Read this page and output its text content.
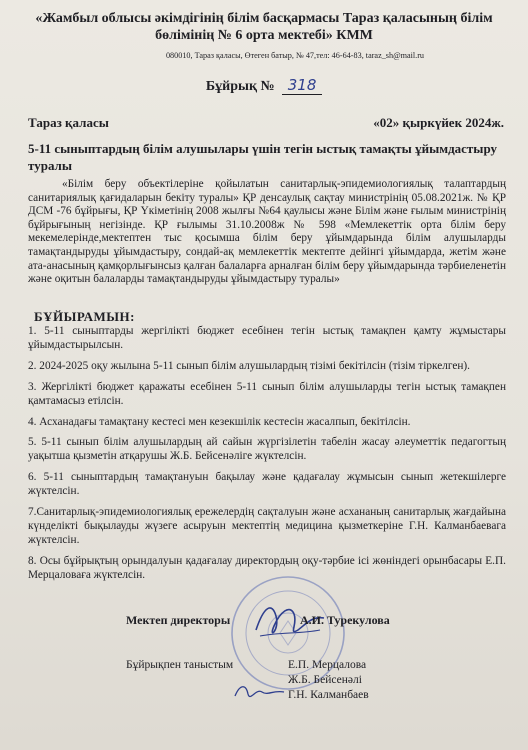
«Жамбыл облысы әкімдігінің білім басқармасы Тараз қаласының білім бөлімінің № 6 орта мектебі» КММ
080010, Тараз қаласы, Өтеген батыр, № 47,тел: 46-64-83, taraz_sh@mail.ru
Бұйрық № 318
Тараз қаласы	«02» қыркүйек 2024ж.
5-11 сыныптардың білім алушылары үшін тегін ыстық тамақты ұйымдастыру туралы
«Білім беру объектілеріне қойылатын санитарлық-эпидемиологиялық талаптардың санитариялық қағидаларын бекіту туралы» ҚР денсаулық сақтау министрінің 05.08.2021ж. № ҚР ДСМ -76 бұйрығы, ҚР Үкіметінің 2008 жылғы №64 қаулысы және Білім және ғылым министрінің бұйрығының негізінде. ҚР ғылымы 31.10.2008ж № 598 «Мемлекеттік орта білім беру мекемелерінде,мектептен тыс қосымша білім беру ұйымдарында білім алушыларды тамақтандыруды ұйымдастыру, сондай-ақ мемлекеттік мектепте дейінгі ұйымдарда, жетім және ата-анасының қамқорлығынсыз қалған балаларға арналған білім беру ұйымдарында тәрбиеленетін және оқитын балаларды тамақтандыруды ұйымдастыру туралы»
БҰЙЫРАМЫН:
1. 5-11 сыныптарды жергілікті бюджет есебінен тегін ыстық тамақпен қамту жұмыстары ұйымдастырылсын.
2. 2024-2025 оқу жылына 5-11 сынып білім алушылардың тізімі бекітілсін (тізім тіркелген).
3. Жергілікті бюджет қаражаты есебінен 5-11 сынып білім алушыларды тегін ыстық тамақпен қамтамасыз етілсін.
4. Асханадағы тамақтану кестесі мен кезекшілік кестесін жасалпып, бекітілсін.
5. 5-11 сынып білім алушылардың ай сайын жүргізілетін табелін жасау әлеуметтік педагогтың уақытша қызметін атқарушы Ж.Б. Бейсенәліге жүктелсін.
6. 5-11 сыныптардың тамақтануын бақылау және қадағалау жұмысын сынып жетекшілерге жүктелсін.
7.Санитарлық-эпидемиологиялық ережелердің сақталуын және асхананың санитарлық жағдайына күнделікті бықылауды жүзеге асыруын мектептің медицина қызметкеріне Г.Н. Калманбаевага жүктелсін.
8. Осы бұйрықтың орындалуын қадағалау директордың оқу-тәрбие ісі жөніндегі орынбасары Е.П. Мерцаловаға жүктелсін.
Мектеп директоры	А.И. Турекулова
Бұйрықпен таныстым	Е.П. Мерцалова
Ж.Б. Бейсенәлі
Г.Н. Калманбаев
